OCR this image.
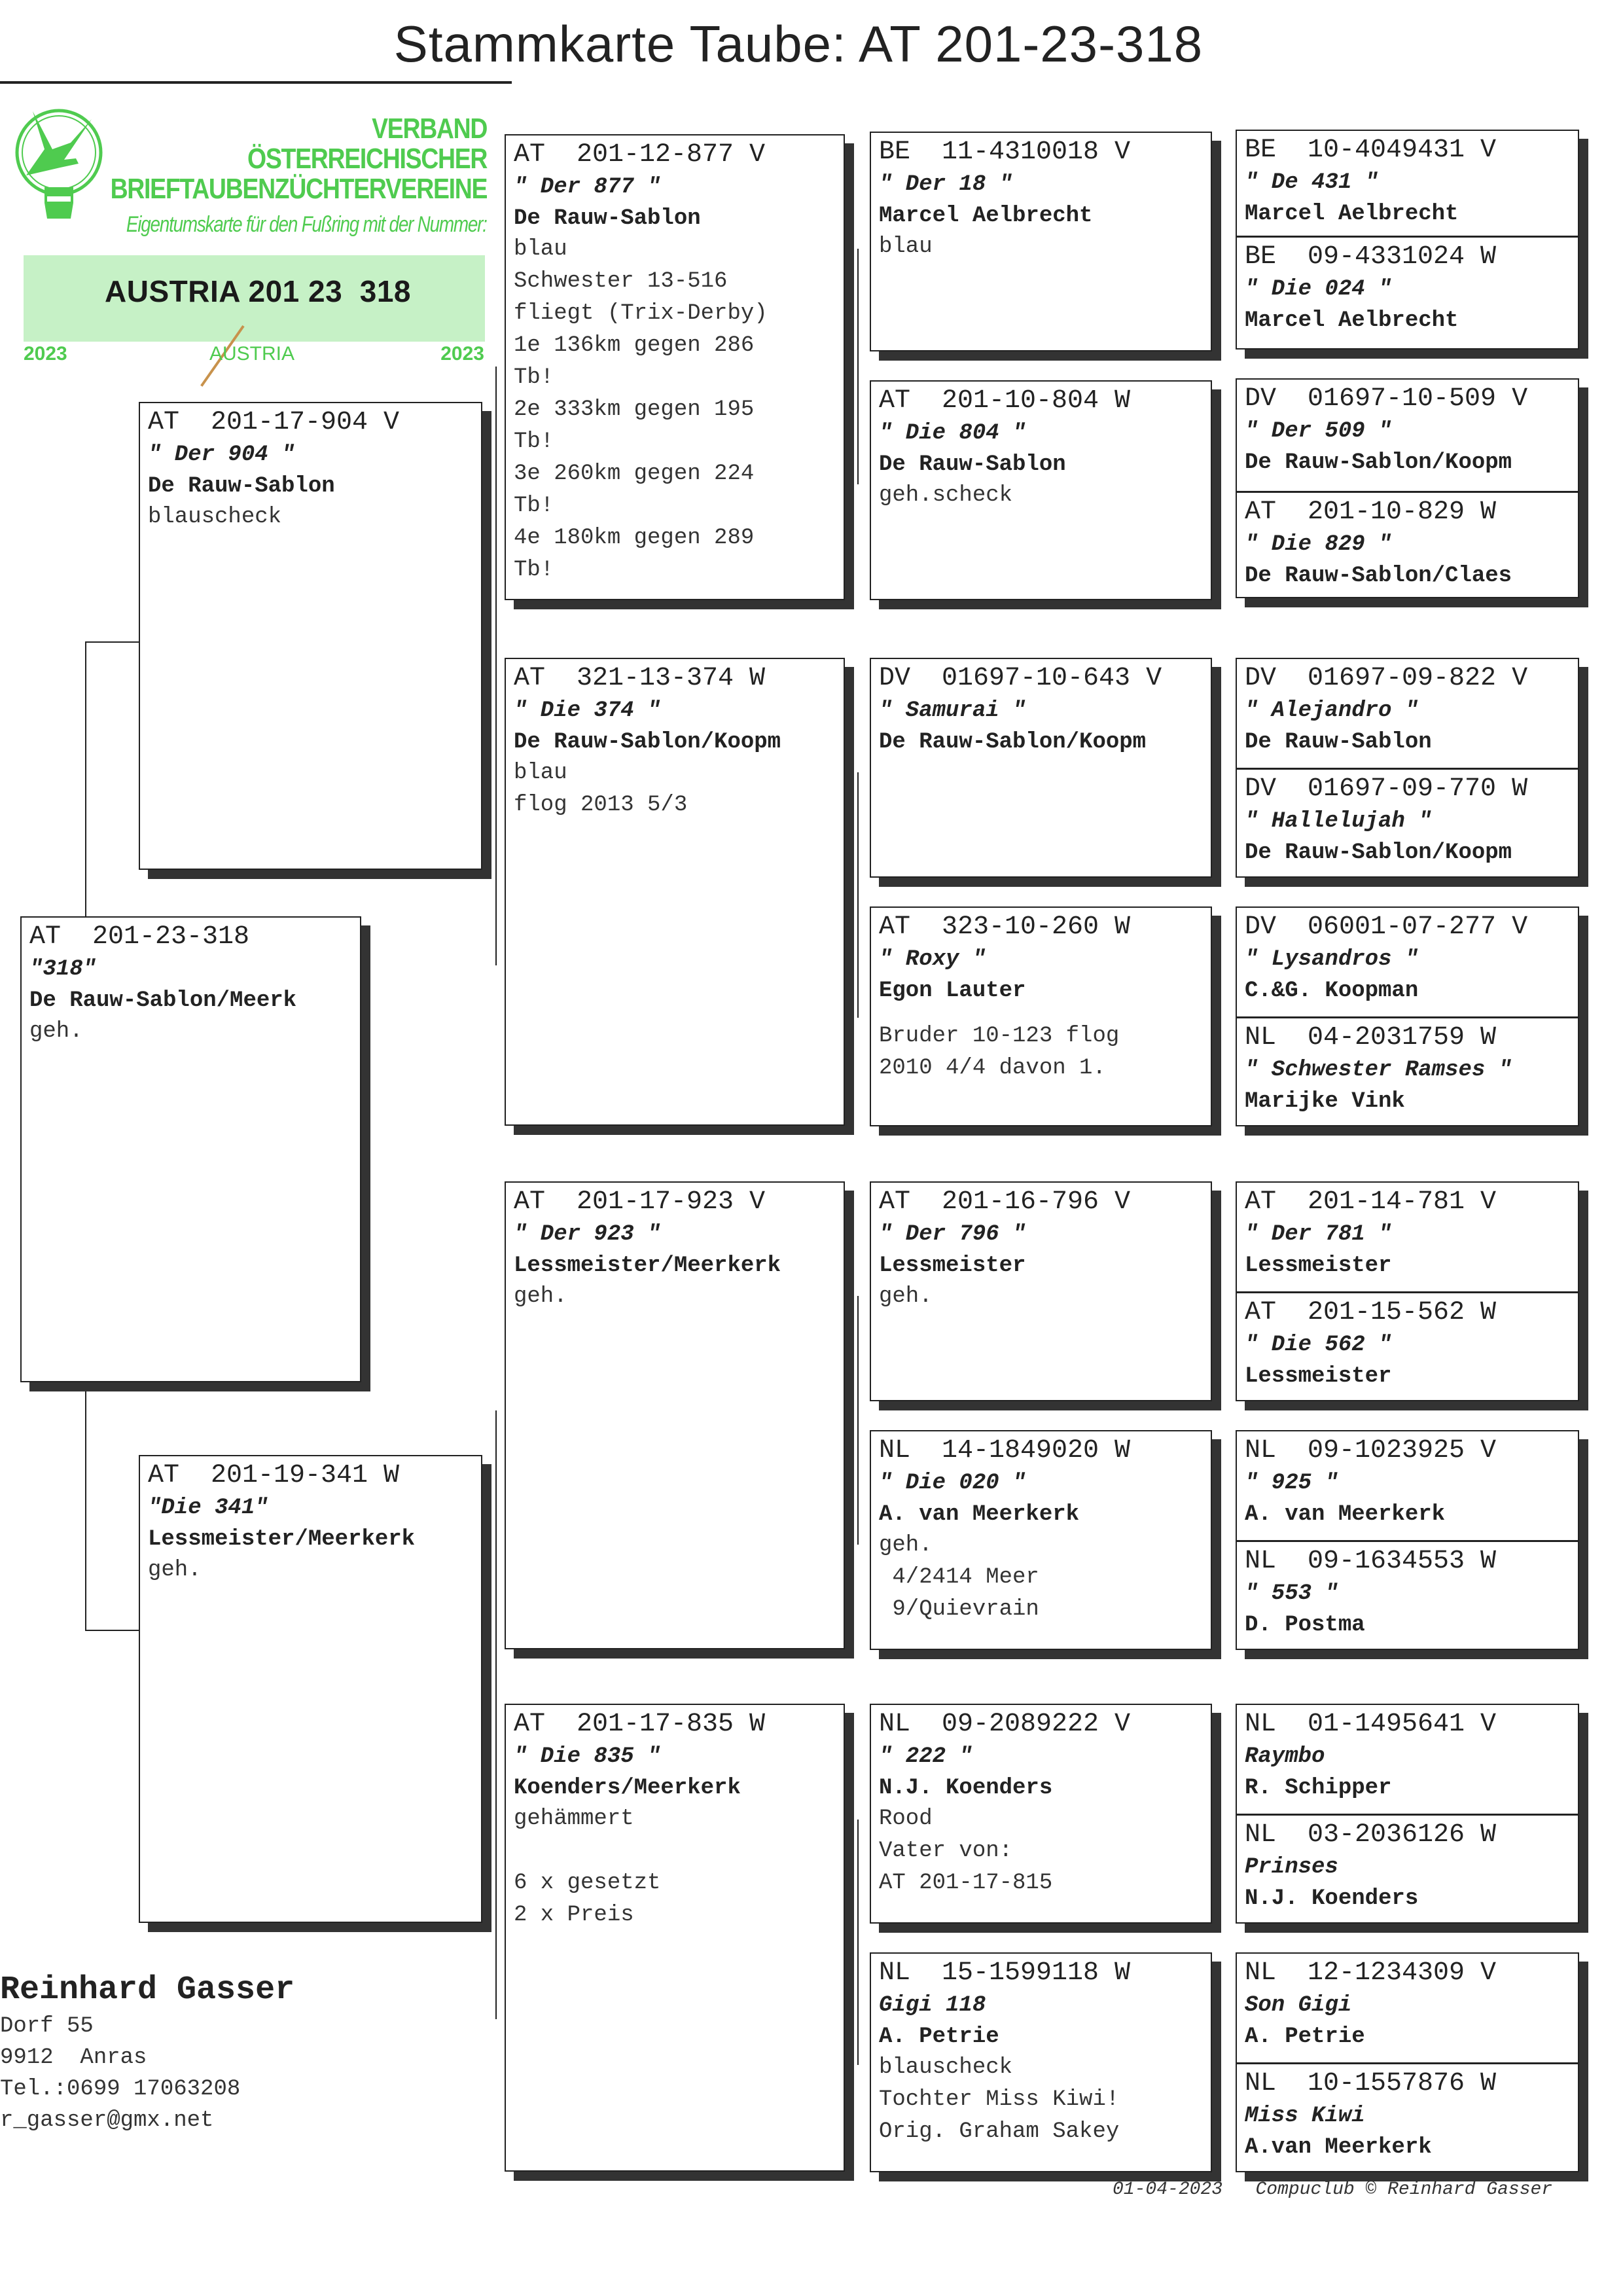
Stammkarte Taube: AT 201-23-318
VERBAND
ÖSTERREICHISCHER
BRIEFTAUBENZÜCHTERVEREINE
Eigentumskarte für den Fußring mit der Nummer:
AUSTRIA 201 23  318
2023	AUSTRIA	2023
AT  201-23-318
"318"
De Rauw-Sablon/Meerk
geh.
AT  201-17-904 V
" Der 904 "
De Rauw-Sablon
blauscheck
AT  201-19-341 W
"Die 341"
Lessmeister/Meerkerk
geh.
AT  201-12-877 V
" Der 877 "
De Rauw-Sablon
blau
Schwester 13-516
fliegt (Trix-Derby)
1e 136km gegen 286
Tb!
2e 333km gegen 195
Tb!
3e 260km gegen 224
Tb!
4e 180km gegen 289
Tb!
AT  321-13-374 W
" Die 374 "
De Rauw-Sablon/Koopm
blau
flog 2013 5/3
AT  201-17-923 V
" Der 923 "
Lessmeister/Meerkerk
geh.
AT  201-17-835 W
" Die 835 "
Koenders/Meerkerk
gehämmert

6 x gesetzt
2 x Preis
BE  11-4310018 V
" Der 18 "
Marcel Aelbrecht
blau
AT  201-10-804 W
" Die 804 "
De Rauw-Sablon
geh.scheck
DV  01697-10-643 V
" Samurai "
De Rauw-Sablon/Koopm
AT  323-10-260 W
" Roxy "
Egon Lauter
Bruder 10-123 flog
2010 4/4 davon 1.
AT  201-16-796 V
" Der 796 "
Lessmeister
geh.
NL  14-1849020 W
" Die 020 "
A. van Meerkerk
geh.
4/2414 Meer
9/Quievrain
NL  09-2089222 V
" 222 "
N.J. Koenders
Rood
Vater von:
AT 201-17-815
NL  15-1599118 W
Gigi 118
A. Petrie
blauscheck
Tochter Miss Kiwi!
Orig. Graham Sakey
BE  10-4049431 V
" De 431 "
Marcel Aelbrecht
BE  09-4331024 W
" Die 024 "
Marcel Aelbrecht
DV  01697-10-509 V
" Der 509 "
De Rauw-Sablon/Koopm
AT  201-10-829 W
" Die 829 "
De Rauw-Sablon/Claes
DV  01697-09-822 V
" Alejandro "
De Rauw-Sablon
DV  01697-09-770 W
" Hallelujah "
De Rauw-Sablon/Koopm
DV  06001-07-277 V
" Lysandros "
C.&G. Koopman
NL  04-2031759 W
" Schwester Ramses "
Marijke Vink
AT  201-14-781 V
" Der 781 "
Lessmeister
AT  201-15-562 W
" Die 562 "
Lessmeister
NL  09-1023925 V
" 925 "
A. van Meerkerk
NL  09-1634553 W
" 553 "
D. Postma
NL  01-1495641 V
Raymbo
R. Schipper
NL  03-2036126 W
Prinses
N.J. Koenders
NL  12-1234309 V
Son Gigi
A. Petrie
NL  10-1557876 W
Miss Kiwi
A.van Meerkerk
Reinhard Gasser
Dorf 55
9912  Anras
Tel.:0699 17063208
r_gasser@gmx.net
01-04-2023 Compuclub © Reinhard Gasser
